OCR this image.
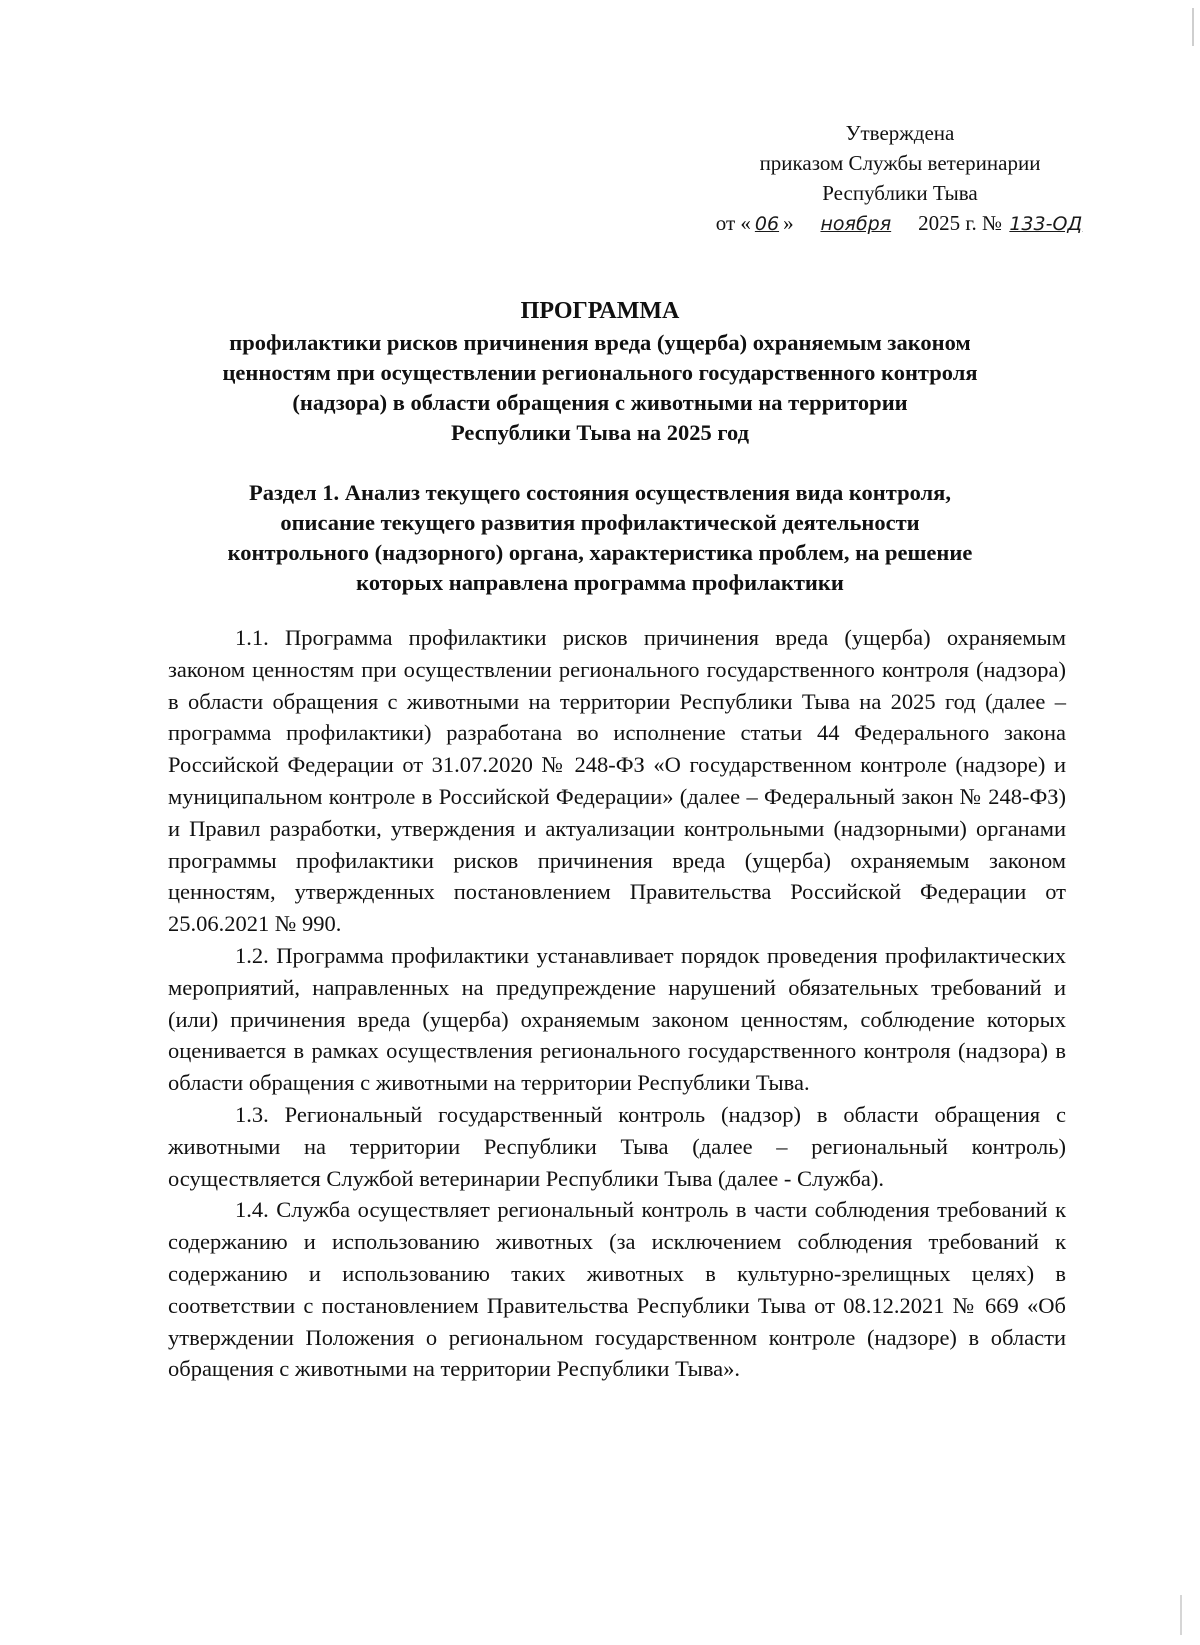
Утверждена
приказом Службы ветеринарии
Республики Тыва
от « 06 » ноября 2025 г. № 133-ОД
ПРОГРАММА
профилактики рисков причинения вреда (ущерба) охраняемым законом
ценностям при осуществлении регионального государственного контроля
(надзора) в области обращения с животными на территории
Республики Тыва на 2025 год
Раздел 1. Анализ текущего состояния осуществления вида контроля,
описание текущего развития профилактической деятельности
контрольного (надзорного) органа, характеристика проблем, на решение
которых направлена программа профилактики

1.1. Программа профилактики рисков причинения вреда (ущерба) охраняемым законом ценностям при осуществлении регионального государственного контроля (надзора) в области обращения с животными на территории Республики Тыва на 2025 год (далее – программа профилактики) разработана во исполнение статьи 44 Федерального закона Российской Федерации от 31.07.2020 № 248-ФЗ «О государственном контроле (надзоре) и муниципальном контроле в Российской Федерации» (далее – Федеральный закон № 248-ФЗ) и Правил разработки, утверждения и актуализации контрольными (надзорными) органами программы профилактики рисков причинения вреда (ущерба) охраняемым законом ценностям, утвержденных постановлением Правительства Российской Федерации от 25.06.2021 № 990.

1.2. Программа профилактики устанавливает порядок проведения профилактических мероприятий, направленных на предупреждение нарушений обязательных требований и (или) причинения вреда (ущерба) охраняемым законом ценностям, соблюдение которых оценивается в рамках осуществления регионального государственного контроля (надзора) в области обращения с животными на территории Республики Тыва.

1.3. Региональный государственный контроль (надзор) в области обращения с животными на территории Республики Тыва (далее – региональный контроль) осуществляется Службой ветеринарии Республики Тыва (далее - Служба).

1.4. Служба осуществляет региональный контроль в части соблюдения требований к содержанию и использованию животных (за исключением соблюдения требований к содержанию и использованию таких животных в культурно-зрелищных целях) в соответствии с постановлением Правительства Республики Тыва от 08.12.2021 № 669 «Об утверждении Положения о региональном государственном контроле (надзоре) в области обращения с животными на территории Республики Тыва».
